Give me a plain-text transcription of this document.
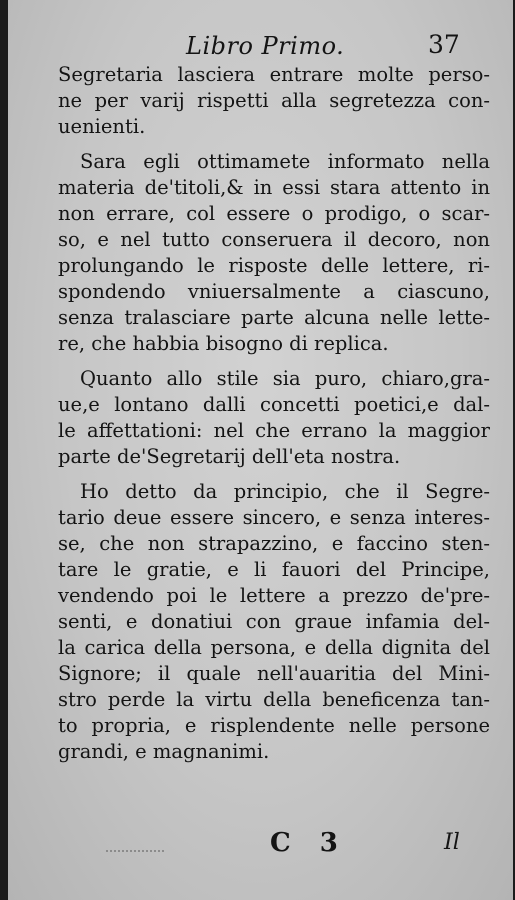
Libro Primo.	37
Segretaria lasciera entrare molte perso-
ne per varij rispetti alla segretezza con-
uenienti.
Sara egli ottimamete informato nella
materia de'titoli,& in essi stara attento in
non errare, col essere o prodigo, o scar-
so, e nel tutto conseruera il decoro, non
prolungando le risposte delle lettere, ri-
spondendo vniuersalmente a ciascuno,
senza tralasciare parte alcuna nelle lette-
re, che habbia bisogno di replica.
Quanto allo stile sia puro, chiaro,gra-
ue,e lontano dalli concetti poetici,e dal-
le affettationi: nel che errano la maggior
parte de'Segretarij dell'eta nostra.
Ho detto da principio, che il Segre-
tario deue essere sincero, e senza interes-
se, che non strapazzino, e faccino sten-
tare le gratie, e li fauori del Principe,
vendendo poi le lettere a prezzo de'pre-
senti, e donatiui con graue infamia del-
la carica della persona, e della dignita del
Signore; il quale nell'auaritia del Mini-
stro perde la virtu della beneficenza tan-
to propria, e risplendente nelle persone
grandi, e magnanimi.
C 3	Il
